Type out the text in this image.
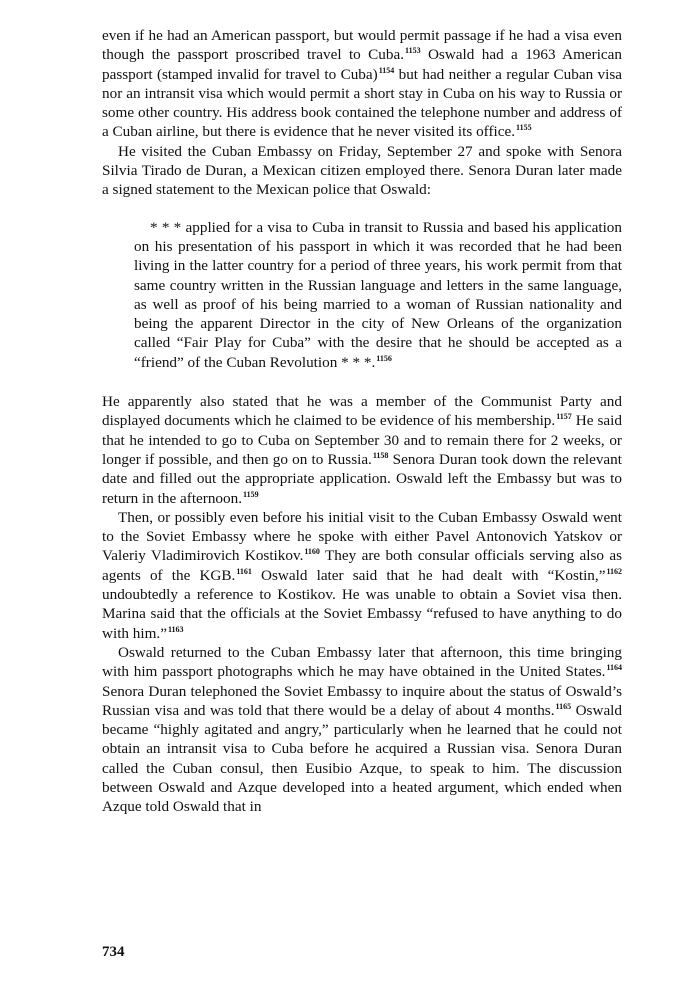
even if he had an American passport, but would permit passage if he had a visa even though the passport proscribed travel to Cuba.$^{1153}$ Oswald had a 1963 American passport (stamped invalid for travel to Cuba)$^{1154}$ but had neither a regular Cuban visa nor an intransit visa which would permit a short stay in Cuba on his way to Russia or some other country. His address book contained the telephone number and address of a Cuban airline, but there is evidence that he never visited its office.$^{1155}$

He visited the Cuban Embassy on Friday, September 27 and spoke with Senora Silvia Tirado de Duran, a Mexican citizen employed there. Senora Duran later made a signed statement to the Mexican police that Oswald:

* * * applied for a visa to Cuba in transit to Russia and based his application on his presentation of his passport in which it was recorded that he had been living in the latter country for a period of three years, his work permit from that same country written in the Russian language and letters in the same language, as well as proof of his being married to a woman of Russian nationality and being the apparent Director in the city of New Orleans of the organization called “Fair Play for Cuba” with the desire that he should be accepted as a “friend” of the Cuban Revolution * * *.$^{1156}$

He apparently also stated that he was a member of the Communist Party and displayed documents which he claimed to be evidence of his membership.$^{1157}$ He said that he intended to go to Cuba on September 30 and to remain there for 2 weeks, or longer if possible, and then go on to Russia.$^{1158}$ Senora Duran took down the relevant date and filled out the appropriate application. Oswald left the Embassy but was to return in the afternoon.$^{1159}$

Then, or possibly even before his initial visit to the Cuban Embassy Oswald went to the Soviet Embassy where he spoke with either Pavel Antonovich Yatskov or Valeriy Vladimirovich Kostikov.$^{1160}$ They are both consular officials serving also as agents of the KGB.$^{1161}$ Oswald later said that he had dealt with “Kostin,”$^{1162}$ undoubtedly a reference to Kostikov. He was unable to obtain a Soviet visa then. Marina said that the officials at the Soviet Embassy “refused to have anything to do with him.”$^{1163}$

Oswald returned to the Cuban Embassy later that afternoon, this time bringing with him passport photographs which he may have obtained in the United States.$^{1164}$ Senora Duran telephoned the Soviet Embassy to inquire about the status of Oswald’s Russian visa and was told that there would be a delay of about 4 months.$^{1165}$ Oswald became “highly agitated and angry,” particularly when he learned that he could not obtain an intransit visa to Cuba before he acquired a Russian visa. Senora Duran called the Cuban consul, then Eusibio Azque, to speak to him. The discussion between Oswald and Azque developed into a heated argument, which ended when Azque told Oswald that in

734
